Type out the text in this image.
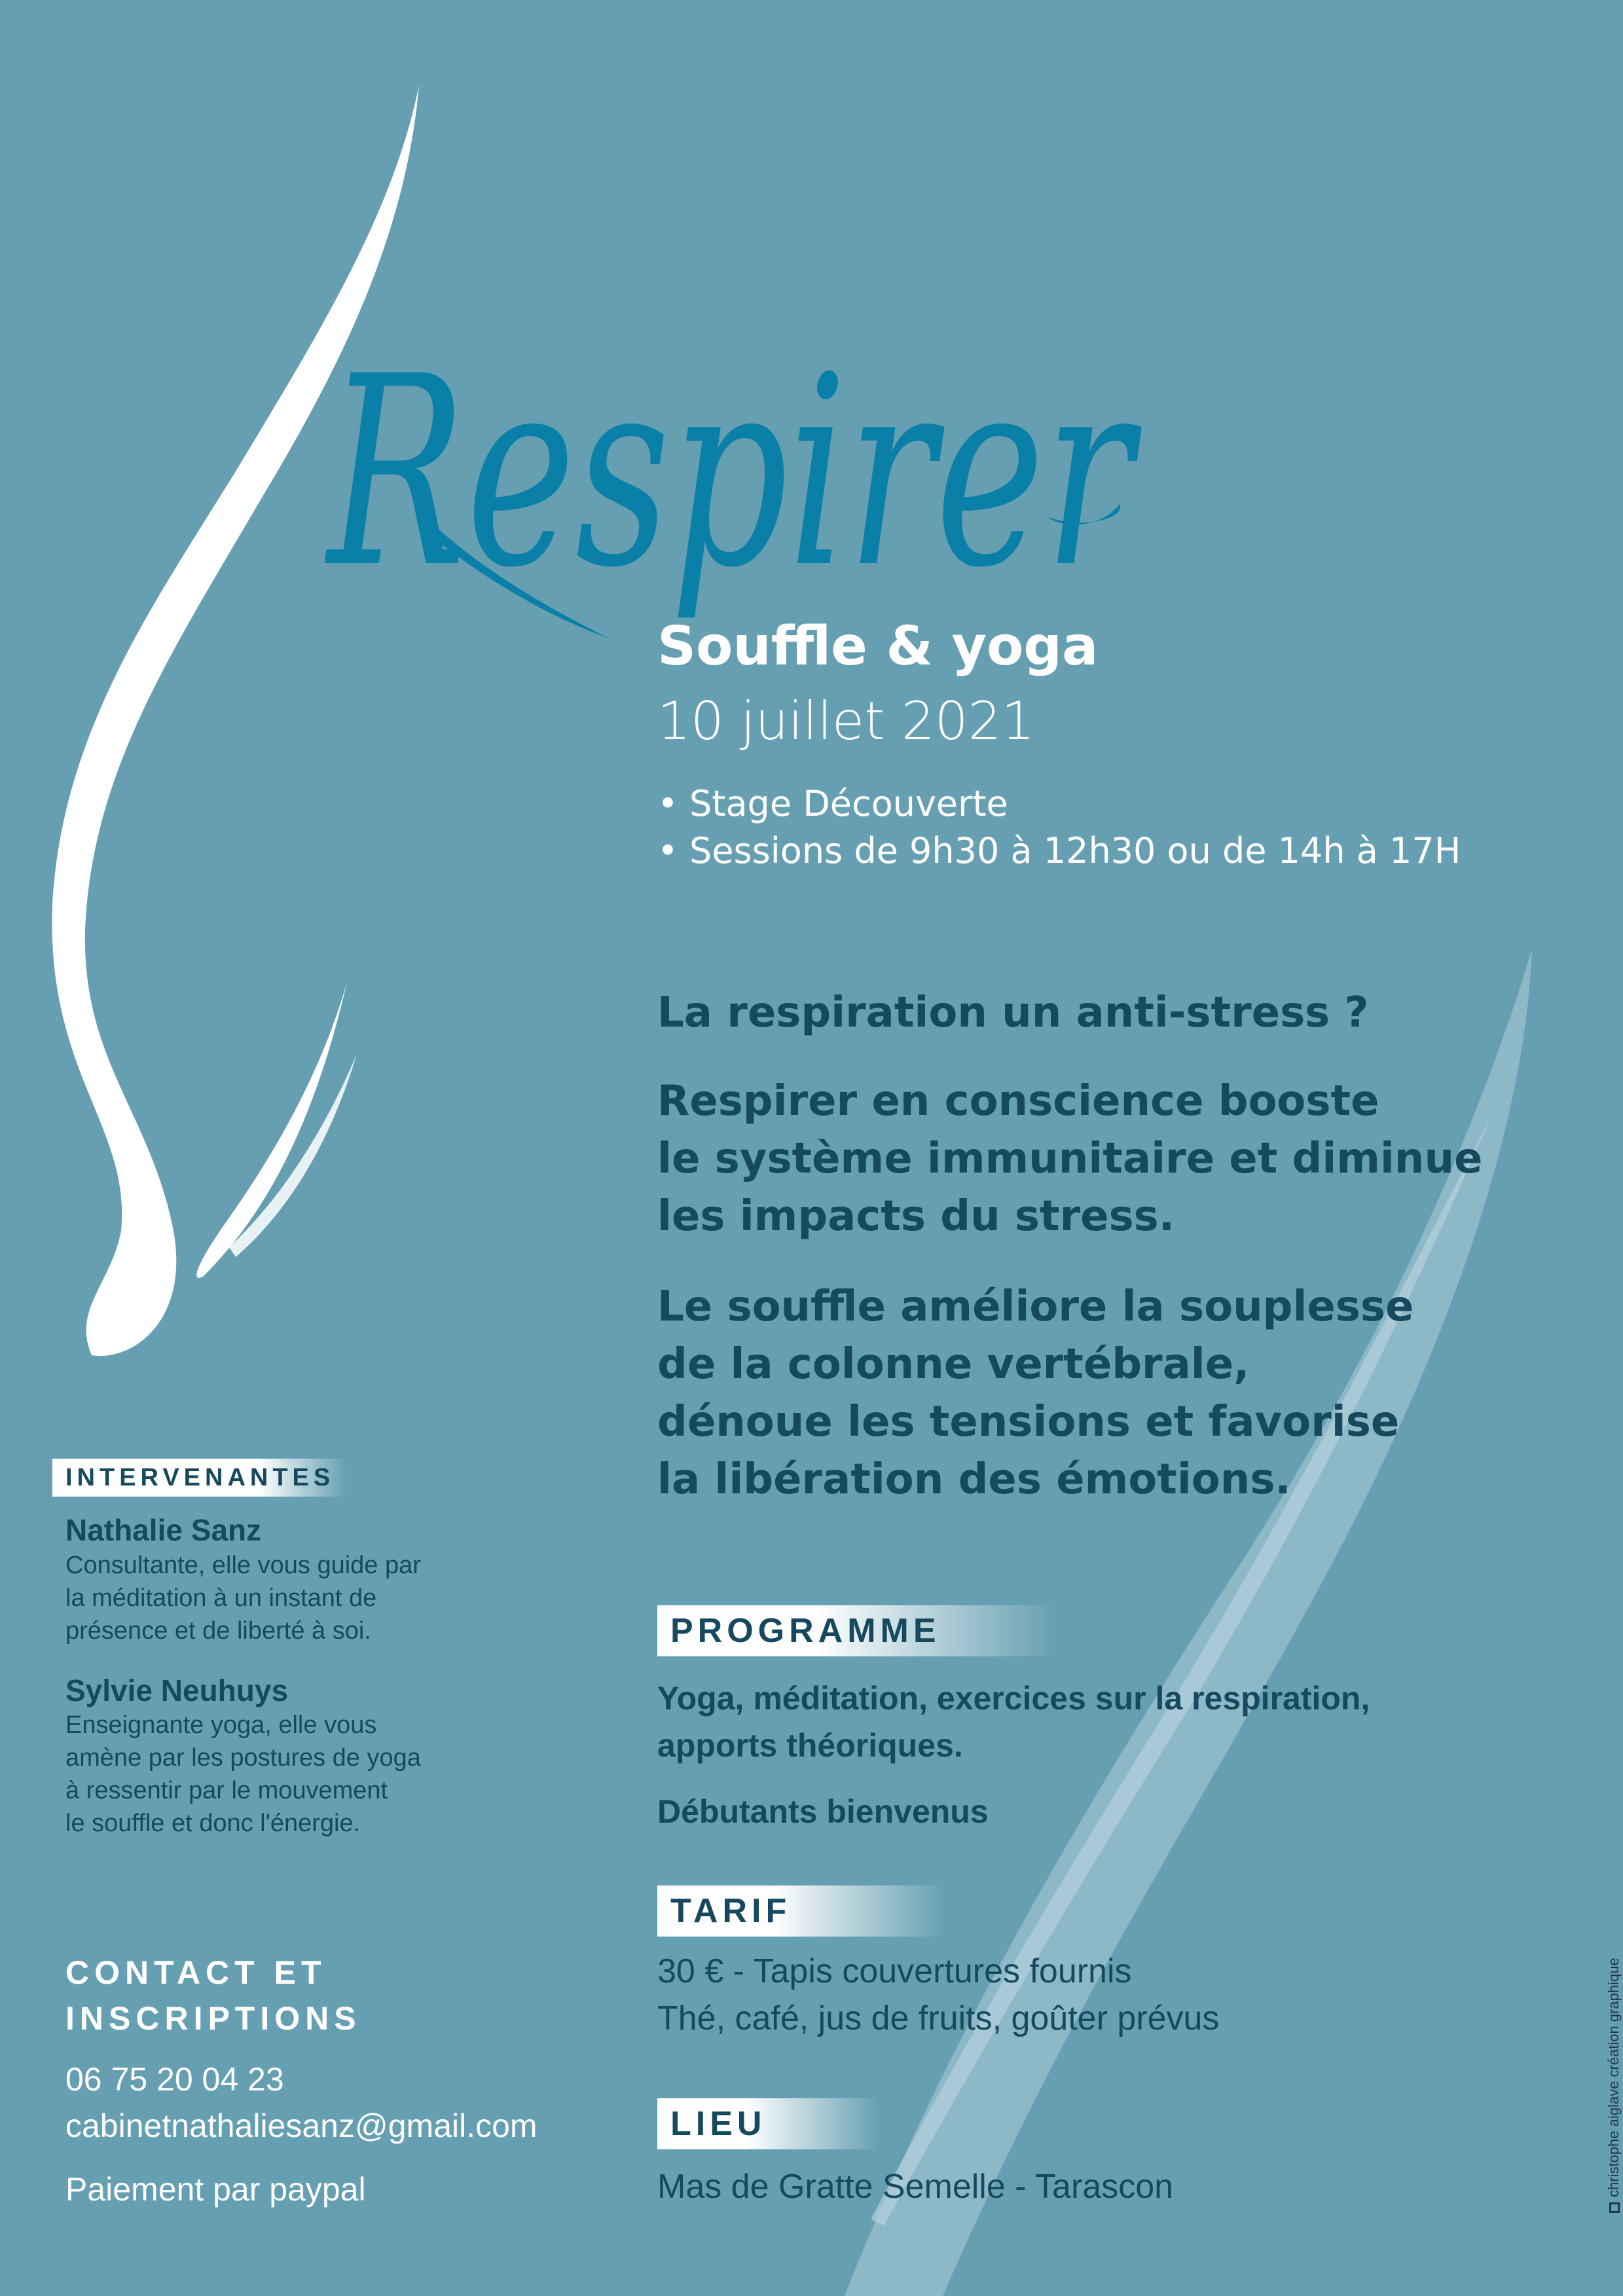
Respirer
Souffle & yoga
10 juillet 2021
• Stage Découverte
• Sessions de 9h30 à 12h30 ou de 14h à 17H
La respiration un anti-stress ?
Respirer en conscience booste
le système immunitaire et diminue
les impacts du stress.
Le souffle améliore la souplesse
de la colonne vertébrale,
dénoue les tensions et favorise
la libération des émotions.
PROGRAMME
Yoga, méditation, exercices sur la respiration,
apports théoriques.
Débutants bienvenus
TARIF
30 € - Tapis couvertures fournis
Thé, café, jus de fruits, goûter prévus
LIEU
Mas de Gratte Semelle - Tarascon
INTERVENANTES
Nathalie Sanz
Consultante, elle vous guide par
la méditation à un instant de
présence et de liberté à soi.
Sylvie Neuhuys
Enseignante yoga, elle vous
amène par les postures de yoga
à ressentir par le mouvement
le souffle et donc l'énergie.
CONTACT ET
INSCRIPTIONS
06 75 20 04 23
cabinetnathaliesanz@gmail.com
Paiement par paypal	christophe aiglave création graphique
